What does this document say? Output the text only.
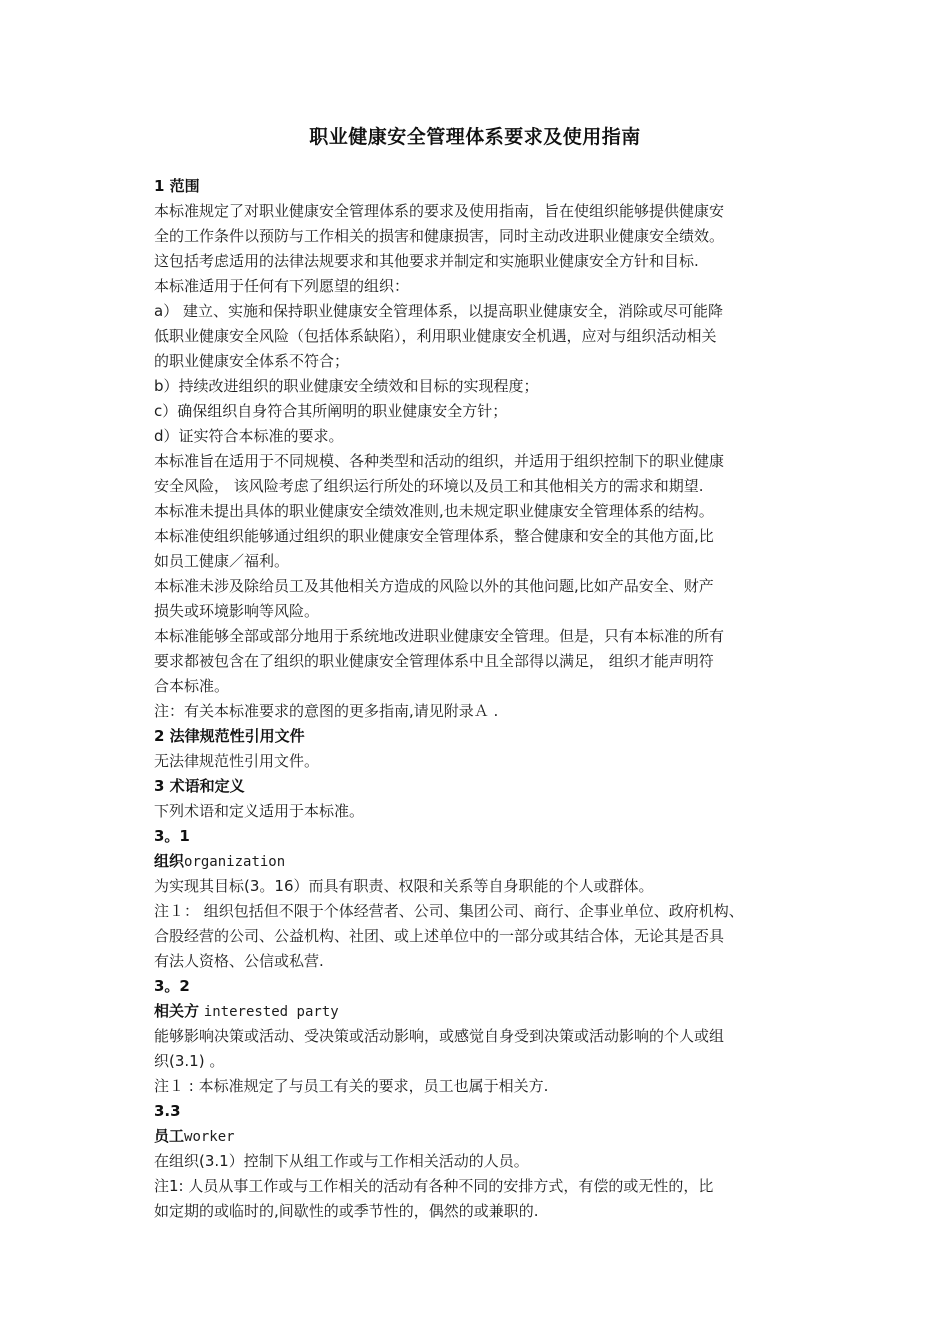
职业健康安全管理体系要求及使用指南
1 范围
本标准规定了对职业健康安全管理体系的要求及使用指南，旨在使组织能够提供健康安
全的工作条件以预防与工作相关的损害和健康损害，同时主动改进职业健康安全绩效。
这包括考虑适用的法律法规要求和其他要求并制定和实施职业健康安全方针和目标.
本标准适用于任何有下列愿望的组织：
a） 建立、实施和保持职业健康安全管理体系，以提高职业健康安全，消除或尽可能降
低职业健康安全风险（包括体系缺陷），利用职业健康安全机遇，应对与组织活动相关
的职业健康安全体系不符合；
b）持续改进组织的职业健康安全绩效和目标的实现程度；
c）确保组织自身符合其所阐明的职业健康安全方针；
d）证实符合本标准的要求。
本标准旨在适用于不同规模、各种类型和活动的组织，并适用于组织控制下的职业健康
安全风险， 该风险考虑了组织运行所处的环境以及员工和其他相关方的需求和期望.
本标准未提出具体的职业健康安全绩效准则,也未规定职业健康安全管理体系的结构。
本标准使组织能够通过组织的职业健康安全管理体系，整合健康和安全的其他方面,比
如员工健康／福利。
本标准未涉及除给员工及其他相关方造成的风险以外的其他问题,比如产品安全、财产
损失或环境影响等风险。
本标准能够全部或部分地用于系统地改进职业健康安全管理。但是，只有本标准的所有
要求都被包含在了组织的职业健康安全管理体系中且全部得以满足， 组织才能声明符
合本标准。
注：有关本标准要求的意图的更多指南,请见附录Ａ .
2 法律规范性引用文件
无法律规范性引用文件。
3 术语和定义
下列术语和定义适用于本标准。
3。1
组织organization
为实现其目标(3。16）而具有职责、权限和关系等自身职能的个人或群体。
注１： 组织包括但不限于个体经营者、公司、集团公司、商行、企事业单位、政府机构、
合股经营的公司、公益机构、社团、或上述单位中的一部分或其结合体，无论其是否具
有法人资格、公信或私营.
3。2
相关方 interested party
能够影响决策或活动、受决策或活动影响，或感觉自身受到决策或活动影响的个人或组
织(3.1) 。
注１ : 本标准规定了与员工有关的要求，员工也属于相关方.
3.3
员工worker
在组织(3.1）控制下从组工作或与工作相关活动的人员。
注1: 人员从事工作或与工作相关的活动有各种不同的安排方式，有偿的或无性的，比
如定期的或临时的,间歇性的或季节性的，偶然的或兼职的.
